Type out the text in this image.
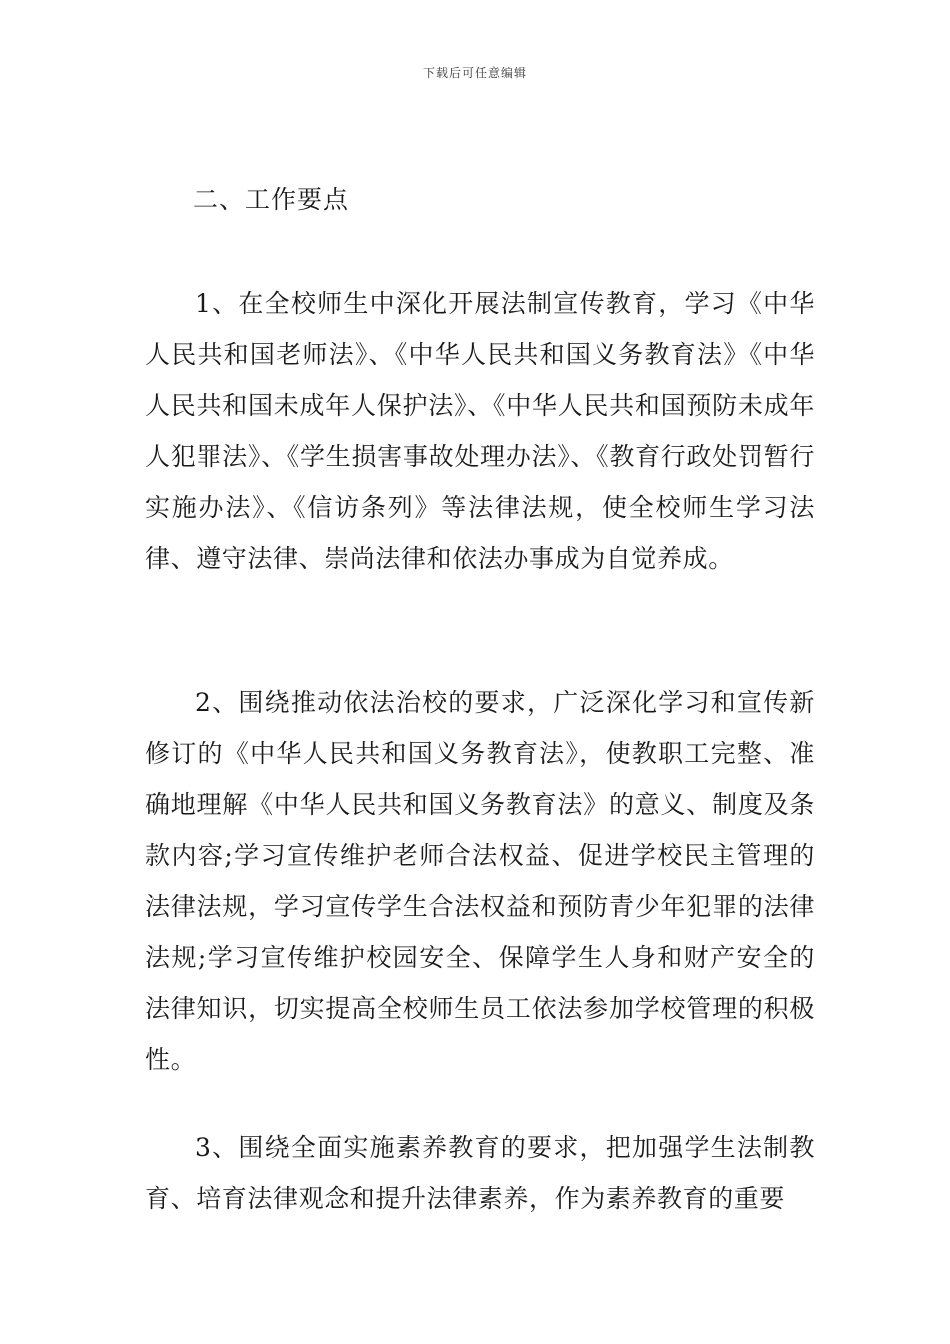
下载后可任意编辑
二、工作要点

1、在全校师生中深化开展法制宣传教育，学习《中华人民共和国老师法》、《中华人民共和国义务教育法》《中华人民共和国未成年人保护法》、《中华人民共和国预防未成年人犯罪法》、《学生损害事故处理办法》、《教育行政处罚暂行实施办法》、《信访条列》等法律法规，使全校师生学习法律、遵守法律、崇尚法律和依法办事成为自觉养成。

2、围绕推动依法治校的要求，广泛深化学习和宣传新修订的《中华人民共和国义务教育法》，使教职工完整、准确地理解《中华人民共和国义务教育法》的意义、制度及条款内容;学习宣传维护老师合法权益、促进学校民主管理的法律法规，学习宣传学生合法权益和预防青少年犯罪的法律法规;学习宣传维护校园安全、保障学生人身和财产安全的法律知识，切实提高全校师生员工依法参加学校管理的积极性。

3、围绕全面实施素养教育的要求，把加强学生法制教育、培育法律观念和提升法律素养，作为素养教育的重要
